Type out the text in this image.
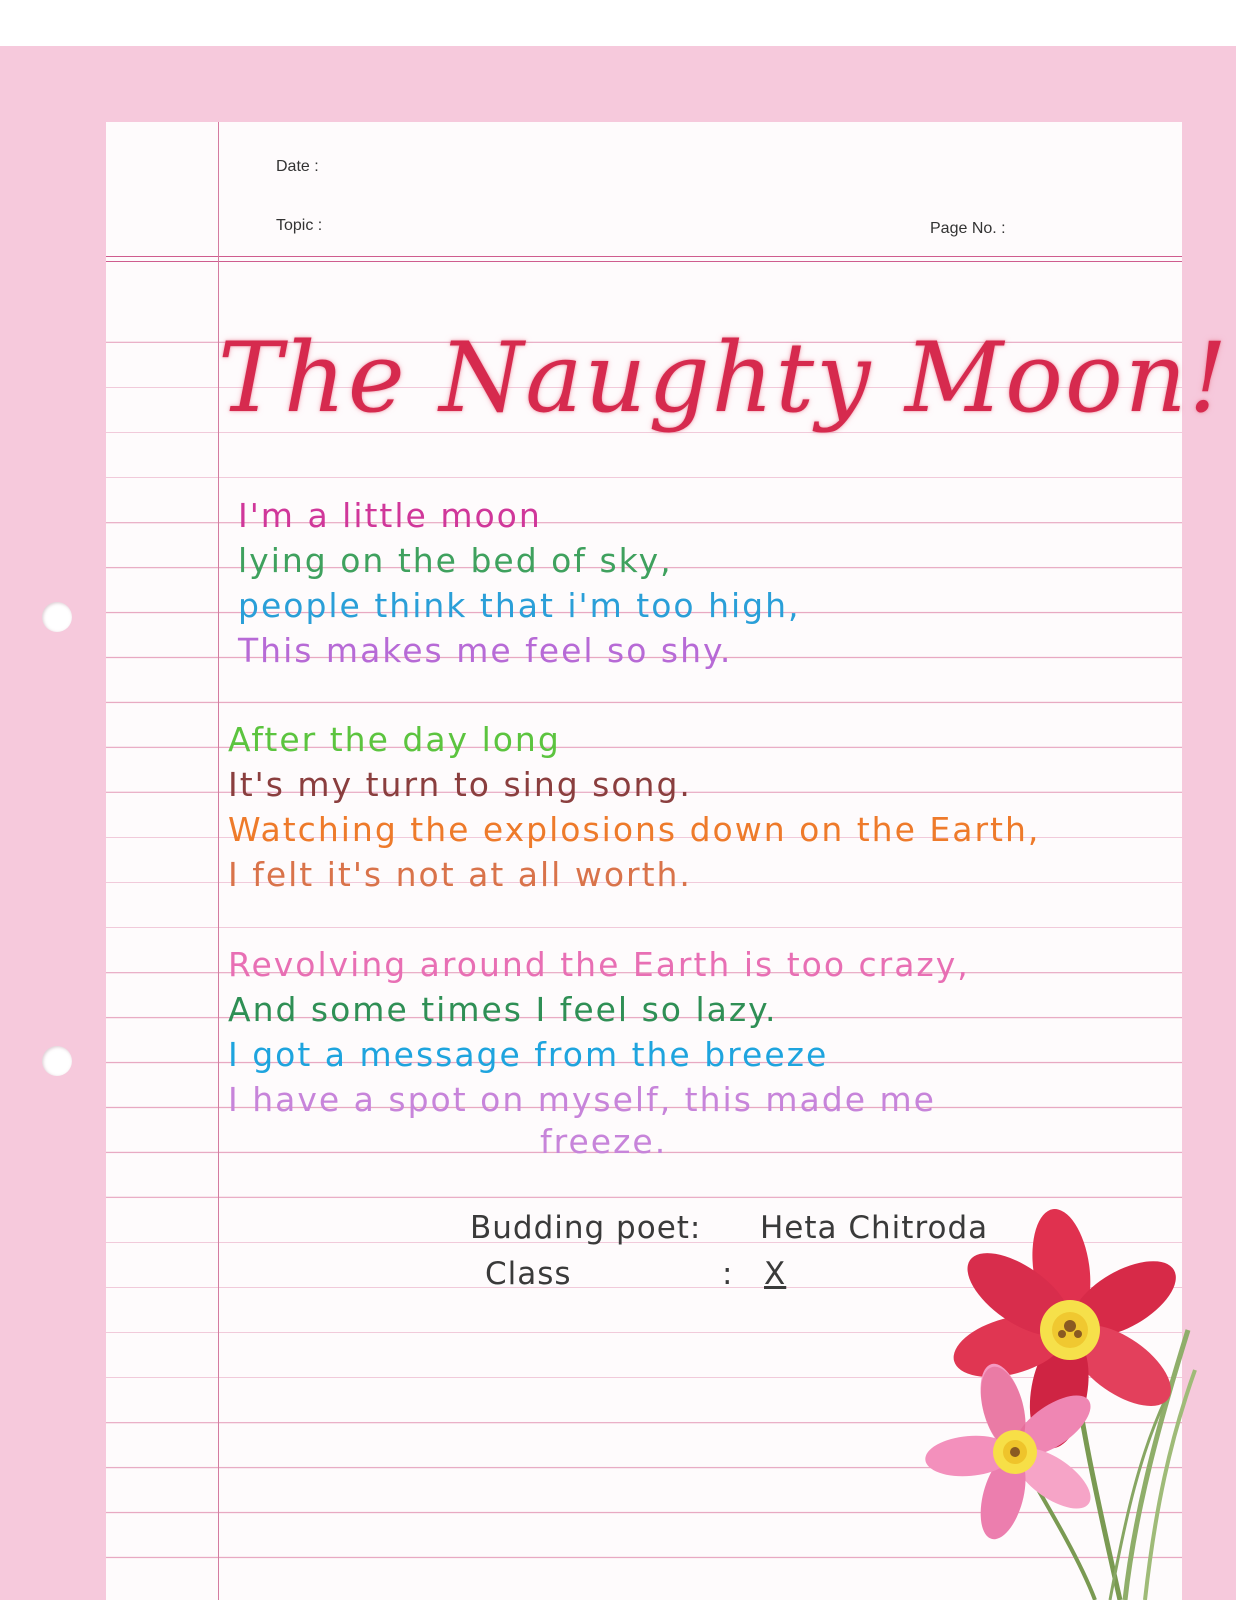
Date :
Topic :	Page No. :
The Naughty Moon!
I'm a little moon
lying on the bed of sky,
people think that i'm too high,
This makes me feel so shy.
After the day long
It's my turn to sing song.
Watching the explosions down on the Earth,
I felt it's not at all worth.
Revolving around the Earth is too crazy,
And some times I feel so lazy.
I got a message from the breeze
I have a spot on myself, this made me
freeze.
Budding poet: Heta Chitroda
Class	: X
